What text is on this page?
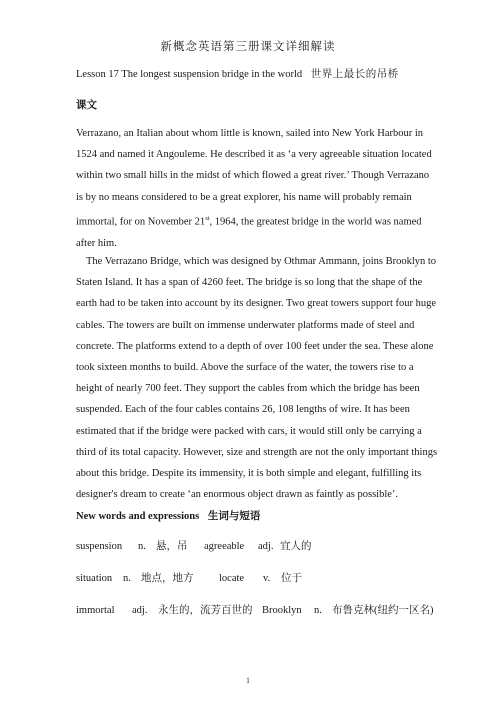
新概念英语第三册课文详细解读
Lesson 17 The longest suspension bridge in the world 世界上最长的吊桥
课文

Verrazano, an Italian about whom little is known, sailed into New York Harbour in
1524 and named it Angouleme. He described it as ‘a very agreeable situation located
within two small hills in the midst of which flowed a great river.’ Though Verrazano
is by no means considered to be a great explorer, his name will probably remain
immortal, for on November 21st, 1964, the greatest bridge in the world was named
after him.

The Verrazano Bridge, which was designed by Othmar Ammann, joins Brooklyn to
Staten Island. It has a span of 4260 feet. The bridge is so long that the shape of the
earth had to be taken into account by its designer. Two great towers support four huge
cables. The towers are built on immense underwater platforms made of steel and
concrete. The platforms extend to a depth of over 100 feet under the sea. These alone
took sixteen months to build. Above the surface of the water, the towers rise to a
height of nearly 700 feet. They support the cables from which the bridge has been
suspended. Each of the four cables contains 26, 108 lengths of wire. It has been
estimated that if the bridge were packed with cars, it would still only be carrying a
third of its total capacity. However, size and strength are not the only important things
about this bridge. Despite its immensity, it is both simple and elegant, fulfilling its
designer's dream to create ‘an enormous object drawn as faintly as possible’.

New words and expressions 生词与短语
suspension n. 悬，吊 agreeable adj. 宜人的
situation n. 地点，地方 locate v. 位于
immortal adj. 永生的，流芳百世的 Brooklyn n. 布鲁克林(纽约一区名)
1
